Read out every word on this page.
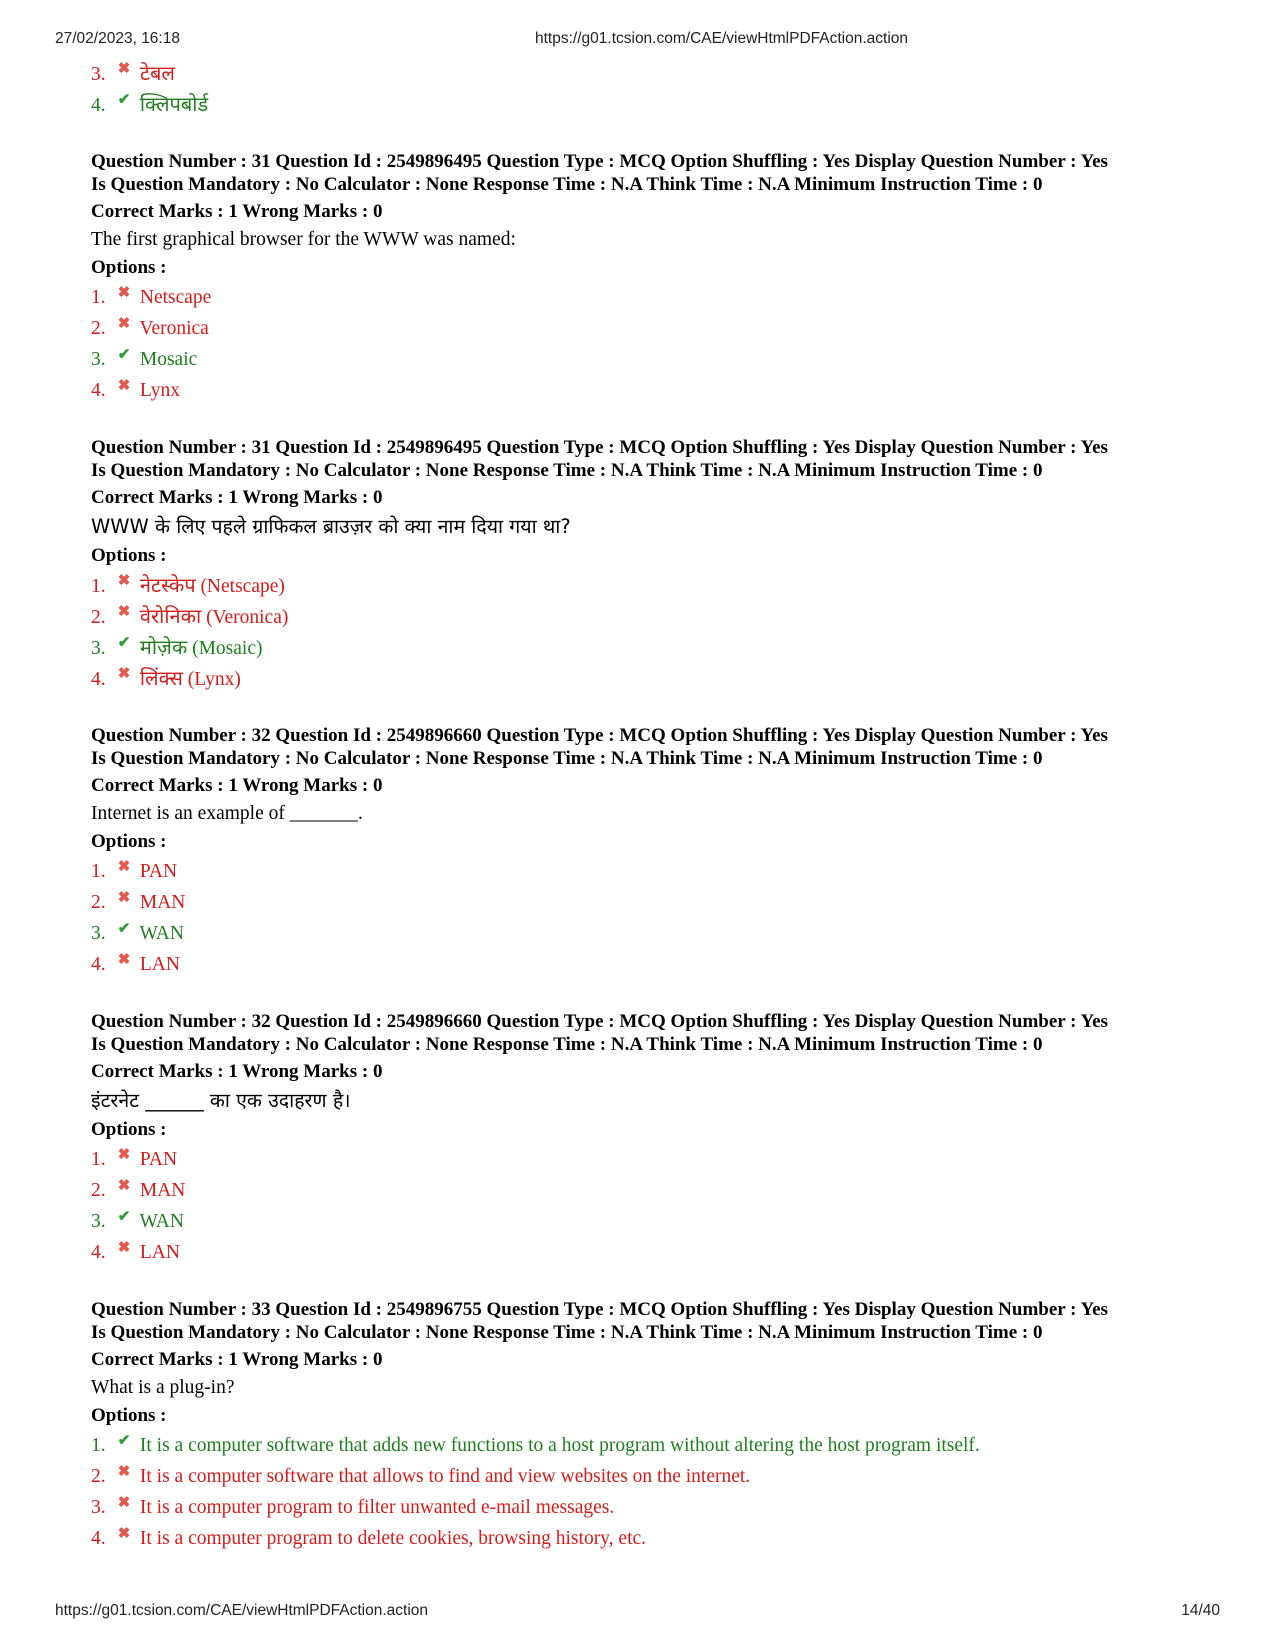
27/02/2023, 16:18	https://g01.tcsion.com/CAE/viewHtmlPDFAction.action
3. ✖ टेबल
4. ✔ क्लिपबोर्ड
Question Number : 31 Question Id : 2549896495 Question Type : MCQ Option Shuffling : Yes Display Question Number : Yes
Is Question Mandatory : No Calculator : None Response Time : N.A Think Time : N.A Minimum Instruction Time : 0
Correct Marks : 1 Wrong Marks : 0
The first graphical browser for the WWW was named:
Options :
1. ✖ Netscape
2. ✖ Veronica
3. ✔ Mosaic
4. ✖ Lynx
Question Number : 31 Question Id : 2549896495 Question Type : MCQ Option Shuffling : Yes Display Question Number : Yes
Is Question Mandatory : No Calculator : None Response Time : N.A Think Time : N.A Minimum Instruction Time : 0
Correct Marks : 1 Wrong Marks : 0
WWW के लिए पहले ग्राफिकल ब्राउज़र को क्या नाम दिया गया था?
Options :
1. ✖ नेटस्केप (Netscape)
2. ✖ वेरोनिका (Veronica)
3. ✔ मोज़ेक (Mosaic)
4. ✖ लिंक्स (Lynx)
Question Number : 32 Question Id : 2549896660 Question Type : MCQ Option Shuffling : Yes Display Question Number : Yes
Is Question Mandatory : No Calculator : None Response Time : N.A Think Time : N.A Minimum Instruction Time : 0
Correct Marks : 1 Wrong Marks : 0
Internet is an example of _______.
Options :
1. ✖ PAN
2. ✖ MAN
3. ✔ WAN
4. ✖ LAN
Question Number : 32 Question Id : 2549896660 Question Type : MCQ Option Shuffling : Yes Display Question Number : Yes
Is Question Mandatory : No Calculator : None Response Time : N.A Think Time : N.A Minimum Instruction Time : 0
Correct Marks : 1 Wrong Marks : 0
इंटरनेट ______ का एक उदाहरण है।
Options :
1. ✖ PAN
2. ✖ MAN
3. ✔ WAN
4. ✖ LAN
Question Number : 33 Question Id : 2549896755 Question Type : MCQ Option Shuffling : Yes Display Question Number : Yes
Is Question Mandatory : No Calculator : None Response Time : N.A Think Time : N.A Minimum Instruction Time : 0
Correct Marks : 1 Wrong Marks : 0
What is a plug-in?
Options :
1. ✔ It is a computer software that adds new functions to a host program without altering the host program itself.
2. ✖ It is a computer software that allows to find and view websites on the internet.
3. ✖ It is a computer program to filter unwanted e-mail messages.
4. ✖ It is a computer program to delete cookies, browsing history, etc.
https://g01.tcsion.com/CAE/viewHtmlPDFAction.action	14/40
